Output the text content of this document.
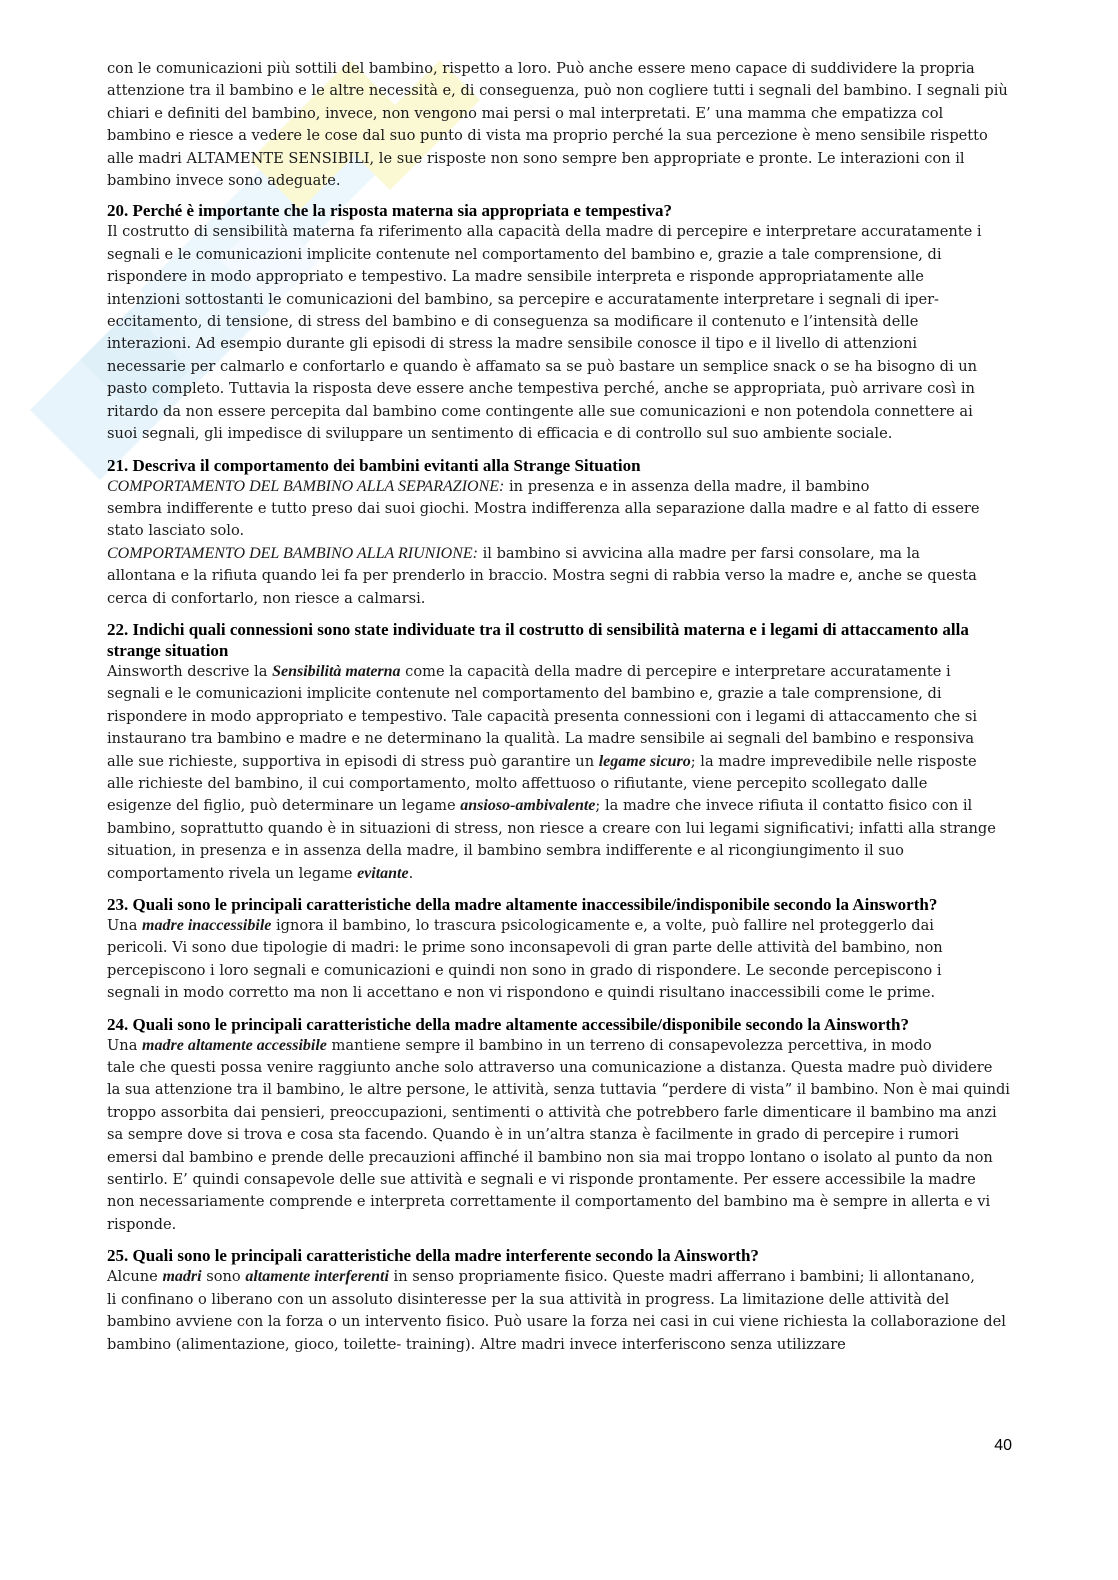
con le comunicazioni più sottili del bambino, rispetto a loro. Può anche essere meno capace di suddividere la propria

attenzione tra il bambino e le altre necessità e, di conseguenza, può non cogliere tutti i segnali del bambino. I segnali più

chiari e definiti del bambino, invece, non vengono mai persi o mal interpretati. E’ una mamma che empatizza col

bambino e riesce a vedere le cose dal suo punto di vista ma proprio perché la sua percezione è meno sensibile rispetto

alle madri ALTAMENTE SENSIBILI, le sue risposte non sono sempre ben appropriate e pronte. Le interazioni con il

bambino invece sono adeguate.

20. Perché è importante che la risposta materna sia appropriata e tempestiva?

Il costrutto di sensibilità materna fa riferimento alla capacità della madre di percepire e interpretare accuratamente i

segnali e le comunicazioni implicite contenute nel comportamento del bambino e, grazie a tale comprensione, di

rispondere in modo appropriato e tempestivo. La madre sensibile interpreta e risponde appropriatamente alle

intenzioni sottostanti le comunicazioni del bambino, sa percepire e accuratamente interpretare i segnali di iper-

eccitamento, di tensione, di stress del bambino e di conseguenza sa modificare il contenuto e l’intensità delle

interazioni. Ad esempio durante gli episodi di stress la madre sensibile conosce il tipo e il livello di attenzioni

necessarie per calmarlo e confortarlo e quando è affamato sa se può bastare un semplice snack o se ha bisogno di un

pasto completo. Tuttavia la risposta deve essere anche tempestiva perché, anche se appropriata, può arrivare così in

ritardo da non essere percepita dal bambino come contingente alle sue comunicazioni e non potendola connettere ai

suoi segnali, gli impedisce di sviluppare un sentimento di efficacia e di controllo sul suo ambiente sociale.

21. Descriva il comportamento dei bambini evitanti alla Strange Situation

COMPORTAMENTO DEL BAMBINO ALLA SEPARAZIONE: in presenza e in assenza della madre, il bambino

sembra indifferente e tutto preso dai suoi giochi. Mostra indifferenza alla separazione dalla madre e al fatto di essere

stato lasciato solo.

COMPORTAMENTO DEL BAMBINO ALLA RIUNIONE: il bambino si avvicina alla madre per farsi consolare, ma la

allontana e la rifiuta quando lei fa per prenderlo in braccio. Mostra segni di rabbia verso la madre e, anche se questa

cerca di confortarlo, non riesce a calmarsi.

22. Indichi quali connessioni sono state individuate tra il costrutto di sensibilità materna e i legami di attaccamento alla strange situation

Ainsworth descrive la Sensibilità materna come la capacità della madre di percepire e interpretare accuratamente i

segnali e le comunicazioni implicite contenute nel comportamento del bambino e, grazie a tale comprensione, di

rispondere in modo appropriato e tempestivo. Tale capacità presenta connessioni con i legami di attaccamento che si

instaurano tra bambino e madre e ne determinano la qualità. La madre sensibile ai segnali del bambino e responsiva

alle sue richieste, supportiva in episodi di stress può garantire un legame sicuro; la madre imprevedibile nelle risposte

alle richieste del bambino, il cui comportamento, molto affettuoso o rifiutante, viene percepito scollegato dalle

esigenze del figlio, può determinare un legame ansioso-ambivalente; la madre che invece rifiuta il contatto fisico con il

bambino, soprattutto quando è in situazioni di stress, non riesce a creare con lui legami significativi; infatti alla strange

situation, in presenza e in assenza della madre, il bambino sembra indifferente e al ricongiungimento il suo

comportamento rivela un legame evitante.

23. Quali sono le principali caratteristiche della madre altamente inaccessibile/indisponibile secondo la Ainsworth?

Una madre inaccessibile ignora il bambino, lo trascura psicologicamente e, a volte, può fallire nel proteggerlo dai

pericoli. Vi sono due tipologie di madri: le prime sono inconsapevoli di gran parte delle attività del bambino, non

percepiscono i loro segnali e comunicazioni e quindi non sono in grado di rispondere. Le seconde percepiscono i

segnali in modo corretto ma non li accettano e non vi rispondono e quindi risultano inaccessibili come le prime.

24. Quali sono le principali caratteristiche della madre altamente accessibile/disponibile secondo la Ainsworth?

Una madre altamente accessibile mantiene sempre il bambino in un terreno di consapevolezza percettiva, in modo

tale che questi possa venire raggiunto anche solo attraverso una comunicazione a distanza. Questa madre può dividere

la sua attenzione tra il bambino, le altre persone, le attività, senza tuttavia “perdere di vista” il bambino. Non è mai quindi

troppo assorbita dai pensieri, preoccupazioni, sentimenti o attività che potrebbero farle dimenticare il bambino ma anzi

sa sempre dove si trova e cosa sta facendo. Quando è in un’altra stanza è facilmente in grado di percepire i rumori

emersi dal bambino e prende delle precauzioni affinché il bambino non sia mai troppo lontano o isolato al punto da non

sentirlo. E’ quindi consapevole delle sue attività e segnali e vi risponde prontamente. Per essere accessibile la madre

non necessariamente comprende e interpreta correttamente il comportamento del bambino ma è sempre in allerta e vi

risponde.

25. Quali sono le principali caratteristiche della madre interferente secondo la Ainsworth?

Alcune madri sono altamente interferenti in senso propriamente fisico. Queste madri afferrano i bambini; li allontanano,

li confinano o liberano con un assoluto disinteresse per la sua attività in progress. La limitazione delle attività del

bambino avviene con la forza o un intervento fisico. Può usare la forza nei casi in cui viene richiesta la collaborazione del

bambino (alimentazione, gioco, toilette- training). Altre madri invece interferiscono senza utilizzare

40
